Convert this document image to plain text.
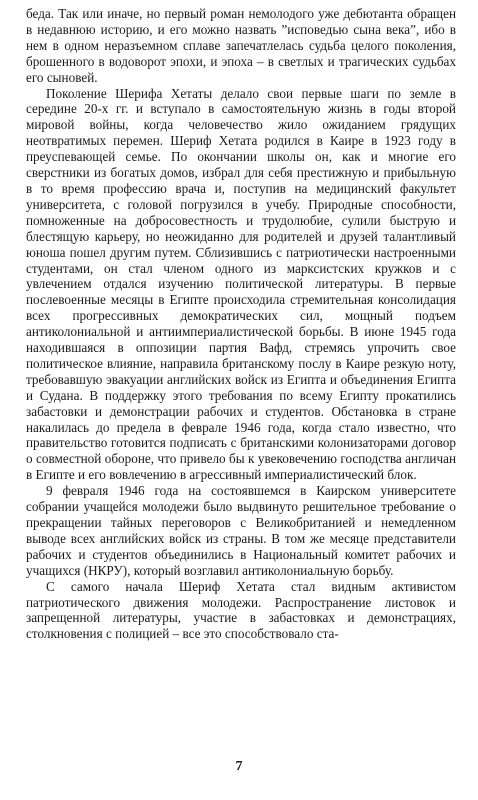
беда. Так или иначе, но первый роман немолодого уже дебютанта обращен в недавнюю историю, и его можно назвать ”исповедью сына века”, ибо в нем в одном неразъемном сплаве запечатлелась судьба целого поколения, брошенного в водоворот эпохи, и эпоха – в светлых и трагических судьбах его сыновей.

Поколение Шерифа Хетаты делало свои первые шаги по земле в середине 20-х гг. и вступало в самостоятельную жизнь в годы второй мировой войны, когда человечество жило ожиданием грядущих неотвратимых перемен. Шериф Хетата родился в Каире в 1923 году в преуспевающей семье. По окончании школы он, как и многие его сверстники из богатых домов, избрал для себя престижную и прибыльную в то время профессию врача и, поступив на медицинский факультет университета, с головой погрузился в учебу. Природные способности, помноженные на добросовестность и трудолюбие, сулили быструю и блестящую карьеру, но неожиданно для родителей и друзей талантливый юноша пошел другим путем. Сблизившись с патриотически настроенными студентами, он стал членом одного из марксистских кружков и с увлечением отдался изучению политической литературы. В первые послевоенные месяцы в Египте происходила стремительная консолидация всех прогрессивных демократических сил, мощный подъем антиколониальной и антиимпериалистической борьбы. В июне 1945 года находившаяся в оппозиции партия Вафд, стремясь упрочить свое политическое влияние, направила британскому послу в Каире резкую ноту, требовавшую эвакуации английских войск из Египта и объединения Египта и Судана. В поддержку этого требования по всему Египту прокатились забастовки и демонстрации рабочих и студентов. Обстановка в стране накалилась до предела в феврале 1946 года, когда стало известно, что правительство готовится подписать с британскими колонизаторами договор о совместной обороне, что привело бы к увековечению господства англичан в Египте и его вовлечению в агрессивный империалистический блок.

9 февраля 1946 года на состоявшемся в Каирском университете собрании учащейся молодежи было выдвинуто решительное требование о прекращении тайных переговоров с Великобританией и немедленном выводе всех английских войск из страны. В том же месяце представители рабочих и студентов объединились в Национальный комитет рабочих и учащихся (НКРУ), который возглавил антиколониальную борьбу.

С самого начала Шериф Хетата стал видным активистом патриотического движения молодежи. Распространение листовок и запрещенной литературы, участие в забастовках и демонстрациях, столкновения с полицией – все это способствовало ста-

7
